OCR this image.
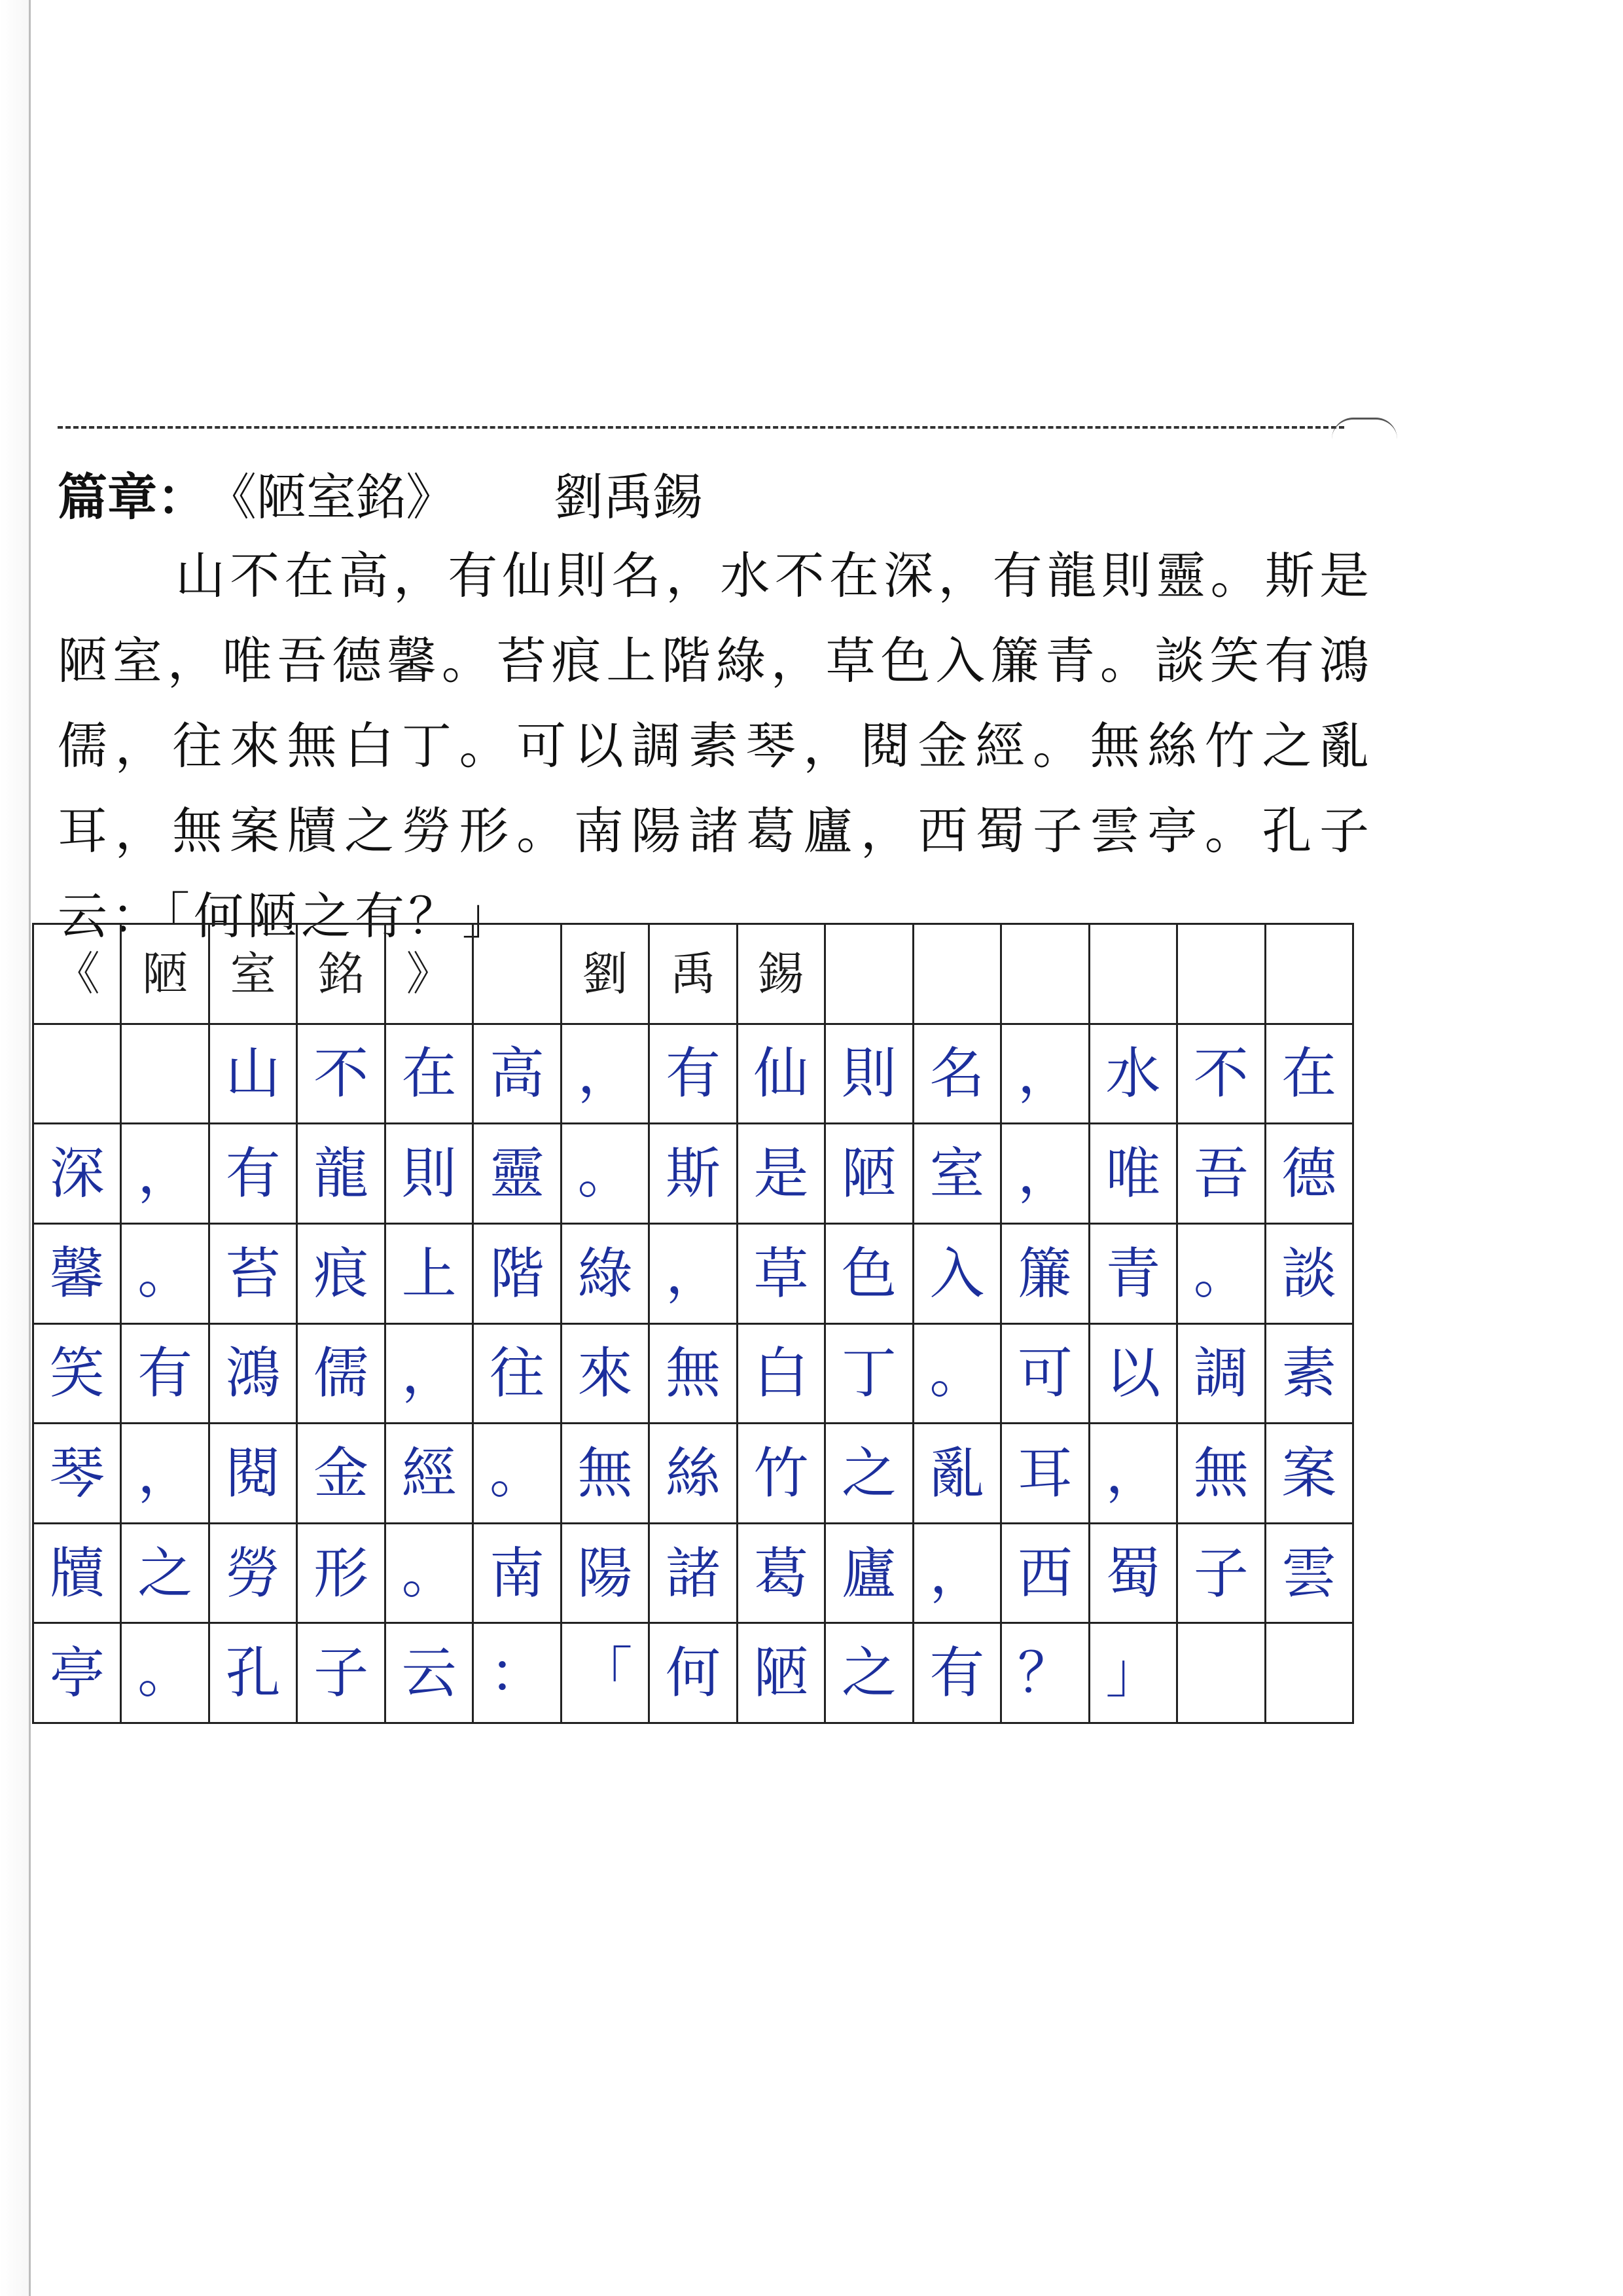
篇章： 《陋室銘》 劉禹錫

山不在高，有仙則名，水不在深，有龍則靈。斯是陋室，唯吾德馨。苔痕上階綠，草色入簾青。談笑有鴻儒，往來無白丁。可以調素琴，閱金經。無絲竹之亂耳，無案牘之勞形。南陽諸葛廬，西蜀子雲亭。孔子云：「何陋之有？」

《 陋 室 銘 》	劉 禹 錫
山 不 在 高 ， 有 仙 則 名 ， 水 不 在
深 ， 有 龍 則 靈 。 斯 是 陋 室 ， 唯 吾 德
馨 。 苔 痕 上 階 綠 ， 草 色 入 簾 青 。 談
笑 有 鴻 儒 ， 往 來 無 白 丁 。 可 以 調 素
琴 ， 閱 金 經 。 無 絲 竹 之 亂 耳 ， 無 案
牘 之 勞 形 。 南 陽 諸 葛 廬 ， 西 蜀 子 雲
亭 。 孔 子 云 ： 「 何 陋 之 有 ？ 」
